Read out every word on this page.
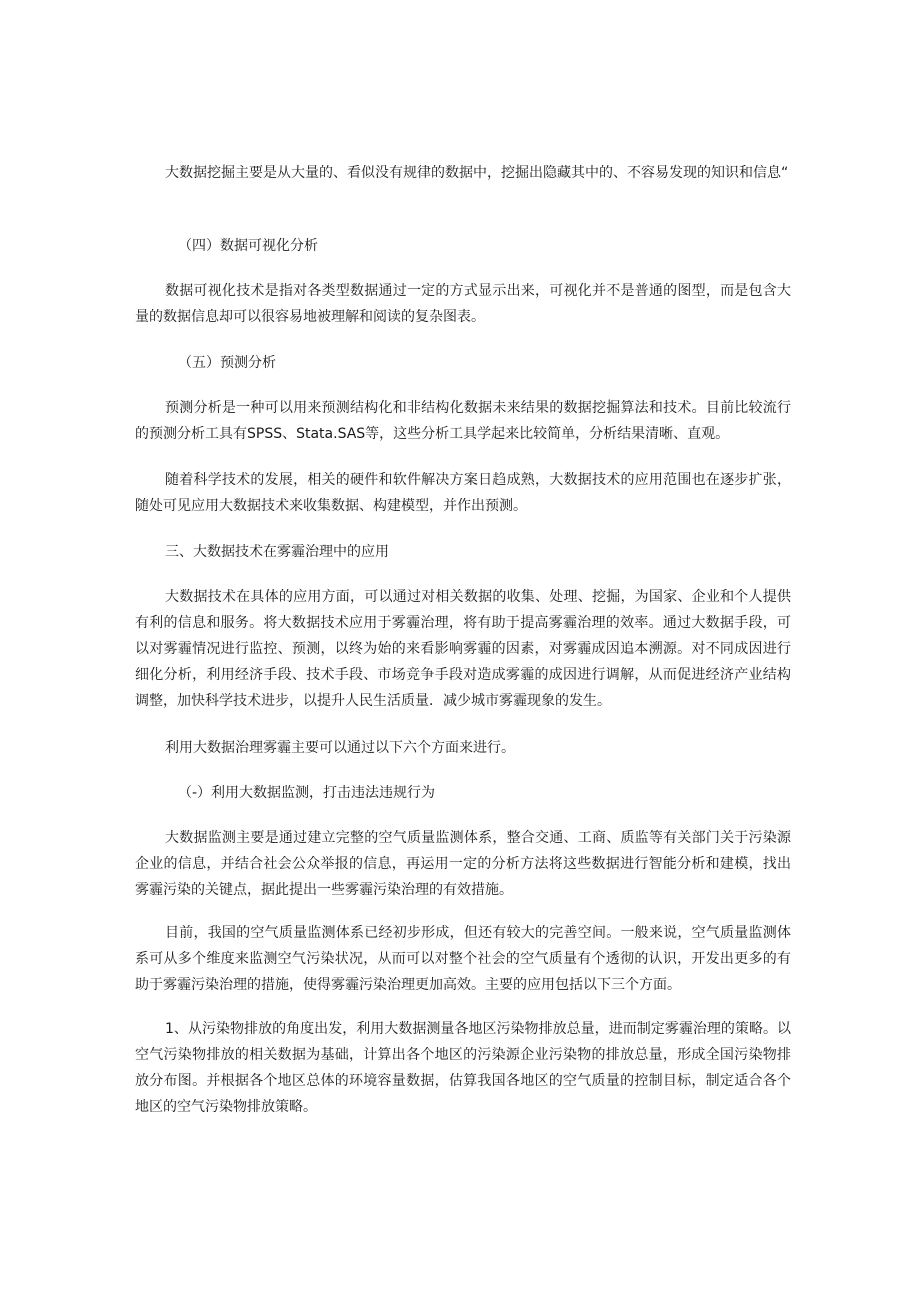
大数据挖掘主要是从大量的、看似没有规律的数据中，挖掘出隐藏其中的、不容易发现的知识和信息“

（四）数据可视化分析

数据可视化技术是指对各类型数据通过一定的方式显示出来，可视化并不是普通的图型，而是包含大量的数据信息却可以很容易地被理解和阅读的复杂图表。

（五）预测分析

预测分析是一种可以用来预测结构化和非结构化数据未来结果的数据挖掘算法和技术。目前比较流行的预测分析工具有SPSS、Stata.SAS等，这些分析工具学起来比较简单，分析结果清晰、直观。

随着科学技术的发展，相关的硬件和软件解决方案日趋成熟，大数据技术的应用范围也在逐步扩张，随处可见应用大数据技术来收集数据、构建模型，并作出预测。

三、大数据技术在雾霾治理中的应用

大数据技术在具体的应用方面，可以通过对相关数据的收集、处理、挖掘，为国家、企业和个人提供有利的信息和服务。将大数据技术应用于雾霾治理，将有助于提高雾霾治理的效率。通过大数据手段，可以对雾霾情况进行监控、预测，以终为始的来看影响雾霾的因素，对雾霾成因追本溯源。对不同成因进行细化分析，利用经济手段、技术手段、市场竞争手段对造成雾霾的成因进行调解，从而促进经济产业结构调整，加快科学技术进步，以提升人民生活质量．减少城市雾霾现象的发生。

利用大数据治理雾霾主要可以通过以下六个方面来进行。

（-）利用大数据监测，打击违法违规行为

大数据监测主要是通过建立完整的空气质量监测体系，整合交通、工商、质监等有关部门关于污染源企业的信息，并结合社会公众举报的信息，再运用一定的分析方法将这些数据进行智能分析和建模，找出雾霾污染的关键点，据此提出一些雾霾污染治理的有效措施。

目前，我国的空气质量监测体系已经初步形成，但还有较大的完善空间。一般来说，空气质量监测体系可从多个维度来监测空气污染状况，从而可以对整个社会的空气质量有个透彻的认识，开发出更多的有助于雾霾污染治理的措施，使得雾霾污染治理更加高效。主要的应用包括以下三个方面。

1、从污染物排放的角度出发，利用大数据测量各地区污染物排放总量，进而制定雾霾治理的策略。以空气污染物排放的相关数据为基础，计算出各个地区的污染源企业污染物的排放总量，形成全国污染物排放分布图。并根据各个地区总体的环境容量数据，估算我国各地区的空气质量的控制目标，制定适合各个地区的空气污染物排放策略。
